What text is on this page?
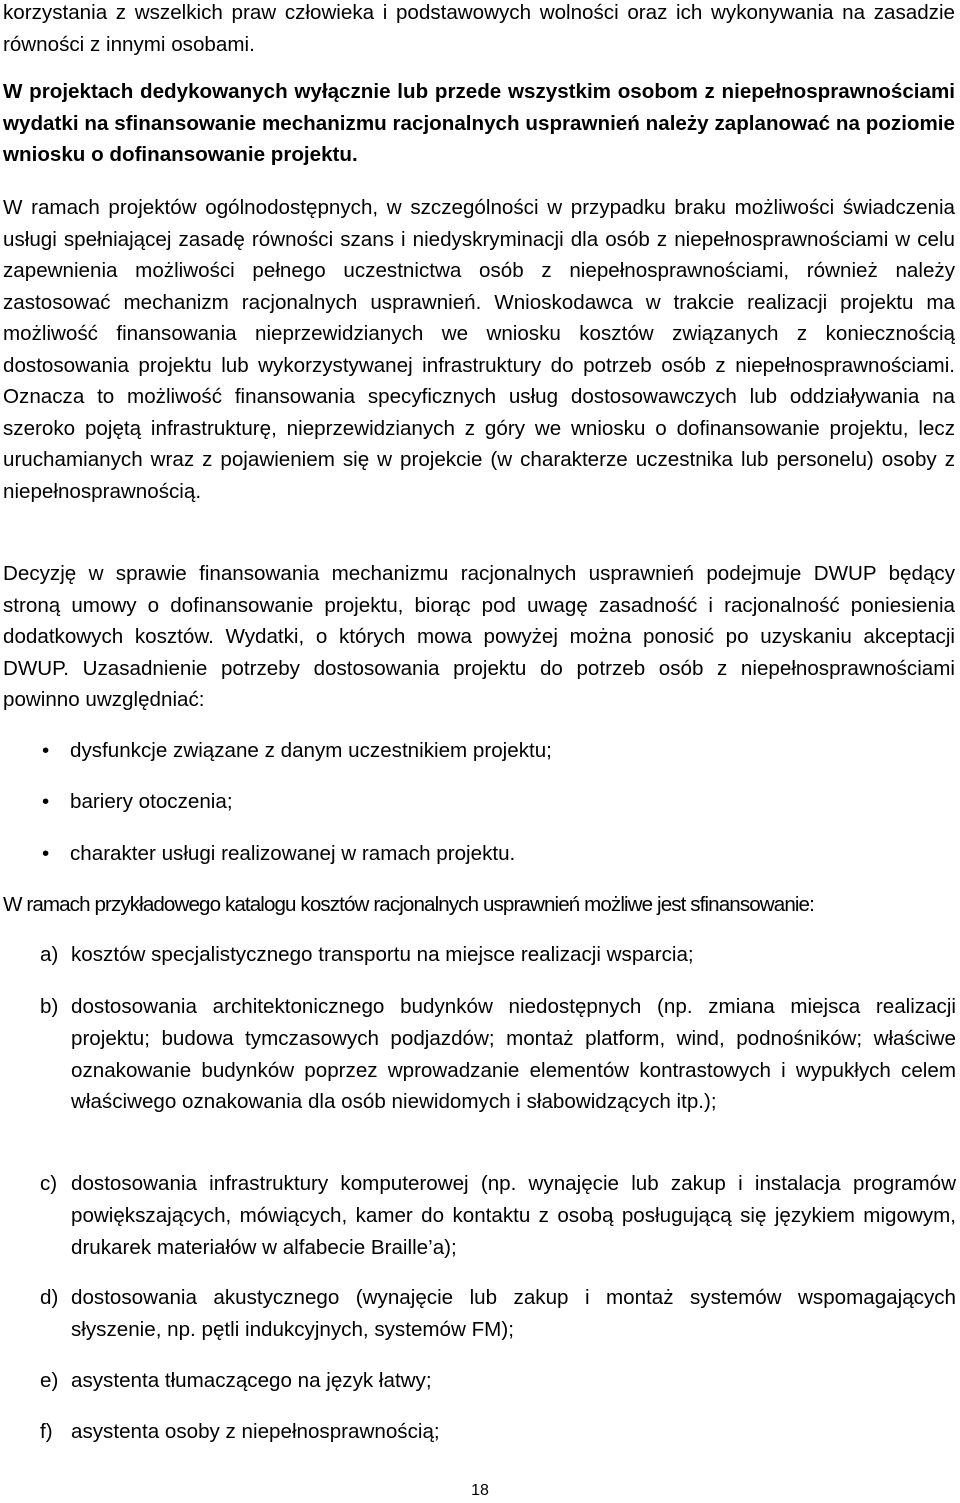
korzystania z wszelkich praw człowieka i podstawowych wolności oraz ich wykonywania na zasadzie równości z innymi osobami.

W projektach dedykowanych wyłącznie lub przede wszystkim osobom z niepełnosprawnościami wydatki na sfinansowanie mechanizmu racjonalnych usprawnień należy zaplanować na poziomie wniosku o dofinansowanie projektu.

W ramach projektów ogólnodostępnych, w szczególności w przypadku braku możliwości świadczenia usługi spełniającej zasadę równości szans i niedyskryminacji dla osób z niepełnosprawnościami w celu zapewnienia możliwości pełnego uczestnictwa osób z niepełnosprawnościami, również należy zastosować mechanizm racjonalnych usprawnień. Wnioskodawca w trakcie realizacji projektu ma możliwość finansowania nieprzewidzianych we wniosku kosztów związanych z koniecznością dostosowania projektu lub wykorzystywanej infrastruktury do potrzeb osób z niepełnosprawnościami. Oznacza to możliwość finansowania specyficznych usług dostosowawczych lub oddziaływania na szeroko pojętą infrastrukturę, nieprzewidzianych z góry we wniosku o dofinansowanie projektu, lecz uruchamianych wraz z pojawieniem się w projekcie (w charakterze uczestnika lub personelu) osoby z niepełnosprawnością.

Decyzję w sprawie finansowania mechanizmu racjonalnych usprawnień podejmuje DWUP będący stroną umowy o dofinansowanie projektu, biorąc pod uwagę zasadność i racjonalność poniesienia dodatkowych kosztów. Wydatki, o których mowa powyżej można ponosić po uzyskaniu akceptacji DWUP. Uzasadnienie potrzeby dostosowania projektu do potrzeb osób z niepełnosprawnościami powinno uwzględniać:

• dysfunkcje związane z danym uczestnikiem projektu;
• bariery otoczenia;
• charakter usługi realizowanej w ramach projektu.

W ramach przykładowego katalogu kosztów racjonalnych usprawnień możliwe jest sfinansowanie:

a) kosztów specjalistycznego transportu na miejsce realizacji wsparcia;

b) dostosowania architektonicznego budynków niedostępnych (np. zmiana miejsca realizacji projektu; budowa tymczasowych podjazdów; montaż platform, wind, podnośników; właściwe oznakowanie budynków poprzez wprowadzanie elementów kontrastowych i wypukłych celem właściwego oznakowania dla osób niewidomych i słabowidzących itp.);

c) dostosowania infrastruktury komputerowej (np. wynajęcie lub zakup i instalacja programów powiększających, mówiących, kamer do kontaktu z osobą posługującą się językiem migowym, drukarek materiałów w alfabecie Braille’a);

d) dostosowania akustycznego (wynajęcie lub zakup i montaż systemów wspomagających słyszenie, np. pętli indukcyjnych, systemów FM);

e) asystenta tłumaczącego na język łatwy;

f) asystenta osoby z niepełnosprawnością;

18
